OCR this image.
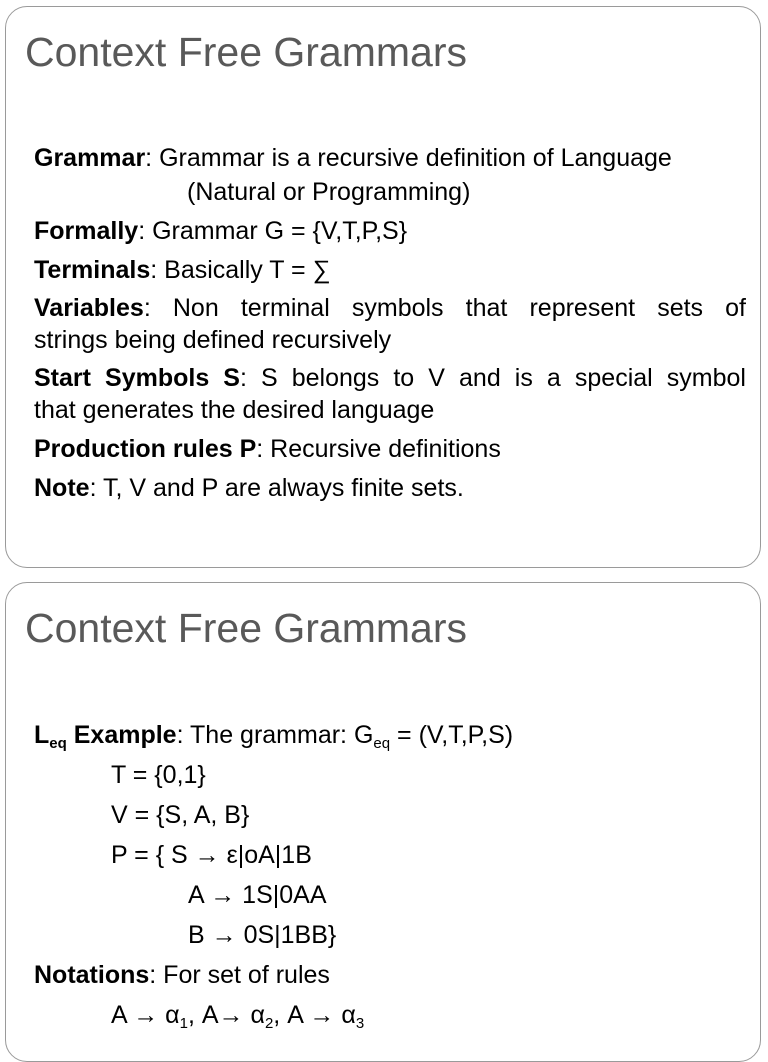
Context Free Grammars
Grammar: Grammar is a recursive definition of Language
(Natural or Programming)
Formally: Grammar G = {V,T,P,S}
Terminals: Basically T = ∑
Variables: Non terminal symbols that represent sets of
strings being defined recursively
Start Symbols S: S belongs to V and is a special symbol
that generates the desired language
Production rules P: Recursive definitions
Note: T, V and P are always finite sets.
Context Free Grammars
$L_{eq}$ Example: The grammar: $G_{eq} = (V,T,P,S)$
T = {0,1}
V = {S, A, B}
P = { S → ε|oA|1B
A → 1S|0AA
B → 0S|1BB}
Notations: For set of rules
$A \to \alpha_1$, $A\to \alpha_2$, $A \to \alpha_3$
